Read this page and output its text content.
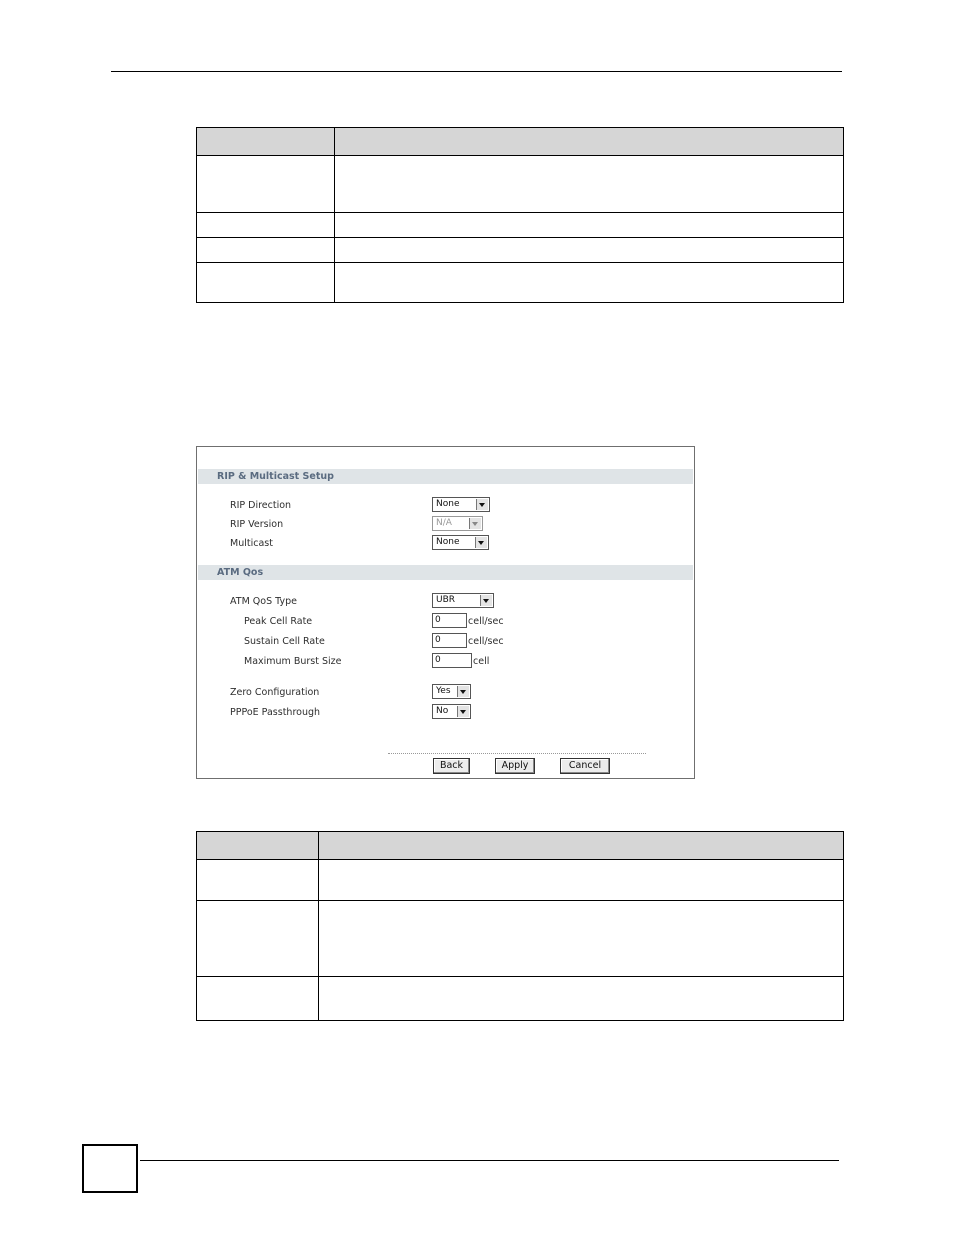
RIP & Multicast Setup
RIP Direction	None
RIP Version	N/A
Multicast	None
ATM Qos
ATM QoS Type	UBR
Peak Cell Rate	0	cell/sec
Sustain Cell Rate	0	cell/sec
Maximum Burst Size	0	cell
Zero Configuration	Yes
PPPoE Passthrough	No
Back	Apply	Cancel
